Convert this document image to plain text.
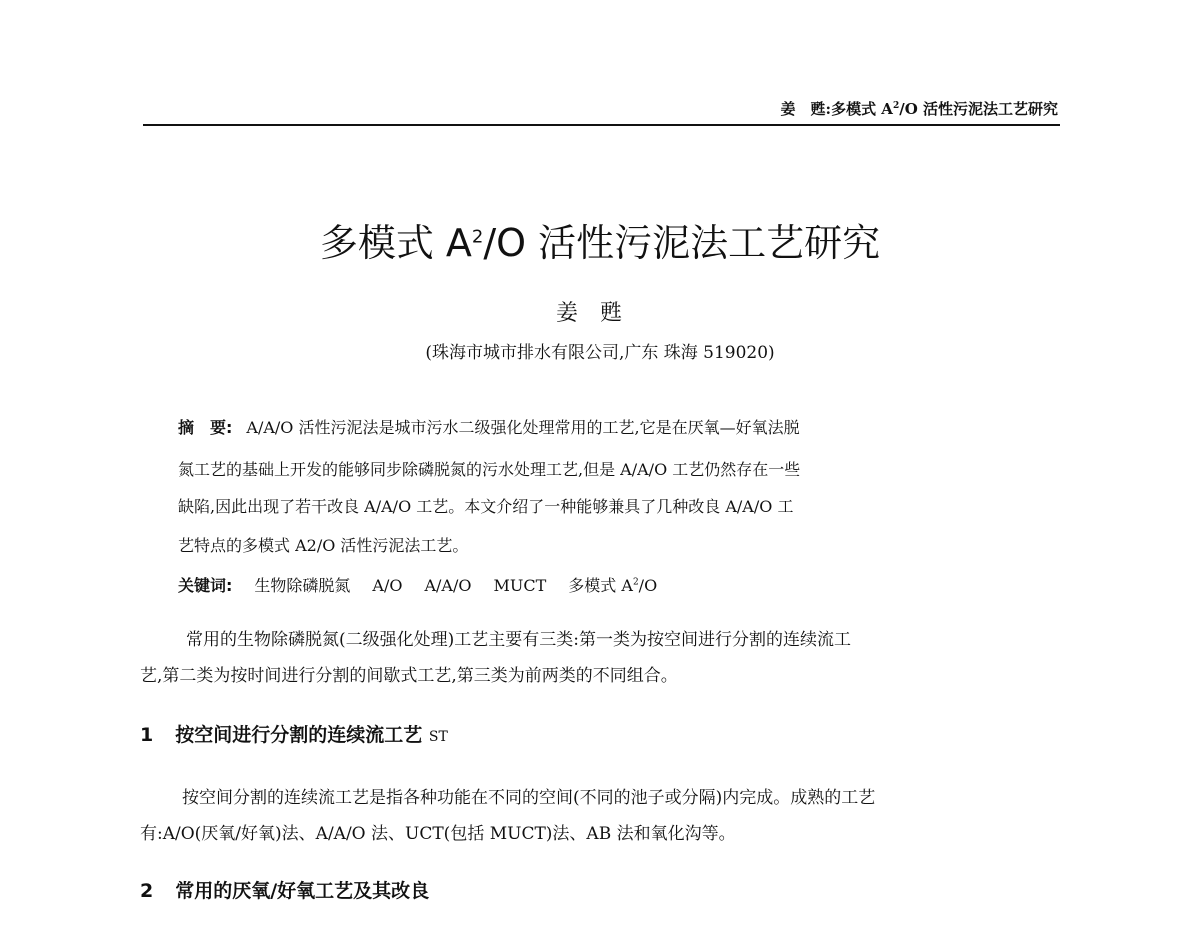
姜　甦:多模式 $A^2/O$ 活性污泥法工艺研究
多模式 $A^2/O$ 活性污泥法工艺研究
姜甦
(珠海市城市排水有限公司,广东 珠海 519020)
摘　要: A/A/O 活性污泥法是城市污水二级强化处理常用的工艺,它是在厌氧—好氧法脱
氮工艺的基础上开发的能够同步除磷脱氮的污水处理工艺,但是 A/A/O 工艺仍然存在一些
缺陷,因此出现了若干改良 A/A/O 工艺。本文介绍了一种能够兼具了几种改良 A/A/O 工
艺特点的多模式 A2/O 活性污泥法工艺。
关键词: 生物除磷脱氮 A/O A/A/O MUCT 多模式 $A^2/O$
常用的生物除磷脱氮(二级强化处理)工艺主要有三类:第一类为按空间进行分割的连续流工
艺,第二类为按时间进行分割的间歇式工艺,第三类为前两类的不同组合。
1 按空间进行分割的连续流工艺 ST
按空间分割的连续流工艺是指各种功能在不同的空间(不同的池子或分隔)内完成。成熟的工艺
有:A/O(厌氧/好氧)法、A/A/O 法、UCT(包括 MUCT)法、AB 法和氧化沟等。
2 常用的厌氧/好氧工艺及其改良
